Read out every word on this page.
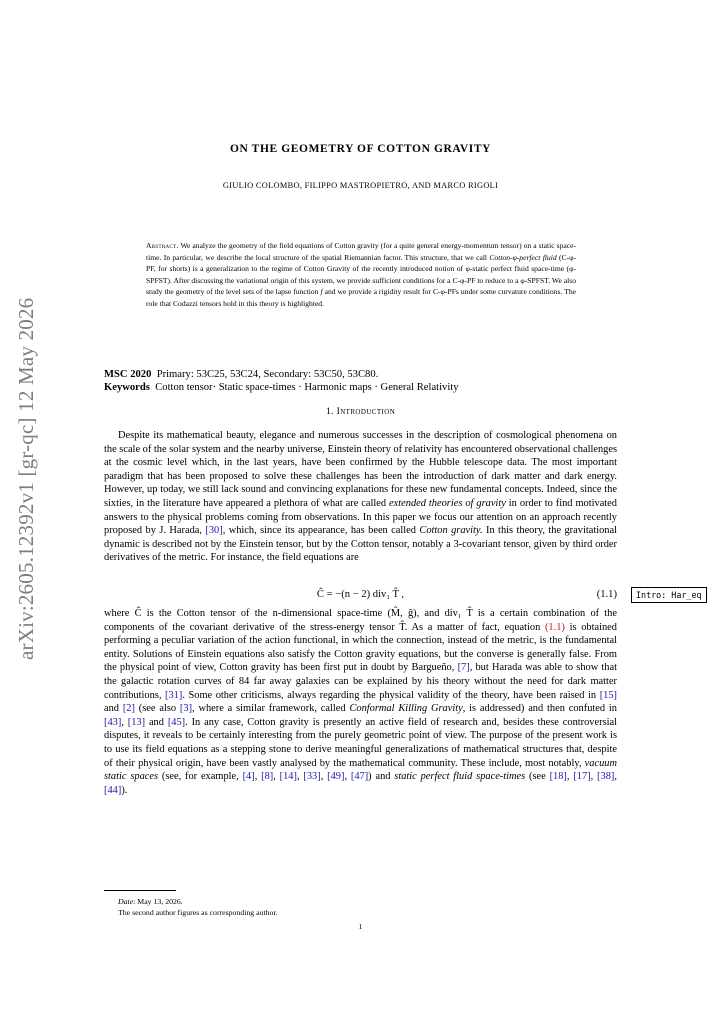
arXiv:2605.12392v1 [gr-qc] 12 May 2026
ON THE GEOMETRY OF COTTON GRAVITY
GIULIO COLOMBO, FILIPPO MASTROPIETRO, AND MARCO RIGOLI
Abstract. We analyze the geometry of the field equations of Cotton gravity (for a quite general energy-momentum tensor) on a static space-time. In particular, we describe the local structure of the spatial Riemannian factor. This structure, that we call Cotton-φ-perfect fluid (C-φ-PF, for shorts) is a generalization to the regime of Cotton Gravity of the recently introduced notion of φ-static perfect fluid space-time (φ-SPFST). After discussing the variational origin of this system, we provide sufficient conditions for a C-φ-PF to reduce to a φ-SPFST. We also study the geometry of the level sets of the lapse function f and we provide a rigidity result for C-φ-PFs under some curvature conditions. The role that Codazzi tensors hold in this theory is highlighted.
MSC 2020 Primary: 53C25, 53C24, Secondary: 53C50, 53C80.
Keywords Cotton tensor· Static space-times · Harmonic maps · General Relativity
1. Introduction
Despite its mathematical beauty, elegance and numerous successes in the description of cosmological phenomena on the scale of the solar system and the nearby universe, Einstein theory of relativity has encountered observational challenges at the cosmic level which, in the last years, have been confirmed by the Hubble telescope data. The most important paradigm that has been proposed to solve these challenges has been the introduction of dark matter and dark energy. However, up today, we still lack sound and convincing explanations for these new fundamental concepts. Indeed, since the sixties, in the literature have appeared a plethora of what are called extended theories of gravity in order to find motivated answers to the physical problems coming from observations. In this paper we focus our attention on an approach recently proposed by J. Harada, [30], which, since its appearance, has been called Cotton gravity. In this theory, the gravitational dynamic is described not by the Einstein tensor, but by the Cotton tensor, notably a 3-covariant tensor, given by third order derivatives of the metric. For instance, the field equations are
Ĉ = −(n − 2) div₁ T̂ ,	(1.1)	Intro: Har_eq
where Ĉ is the Cotton tensor of the n-dimensional space-time (M̂, ĝ), and div₁ T̂ is a certain combination of the components of the covariant derivative of the stress-energy tensor T̂. As a matter of fact, equation (1.1) is obtained performing a peculiar variation of the action functional, in which the connection, instead of the metric, is the fundamental entity. Solutions of Einstein equations also satisfy the Cotton gravity equations, but the converse is generally false. From the physical point of view, Cotton gravity has been first put in doubt by Bargueño, [7], but Harada was able to show that the galactic rotation curves of 84 far away galaxies can be explained by his theory without the need for dark matter contributions, [31]. Some other criticisms, always regarding the physical validity of the theory, have been raised in [15] and [2] (see also [3], where a similar framework, called Conformal Killing Gravity, is addressed) and then confuted in [43], [13] and [45]. In any case, Cotton gravity is presently an active field of research and, besides these controversial disputes, it reveals to be certainly interesting from the purely geometric point of view. The purpose of the present work is to use its field equations as a stepping stone to derive meaningful generalizations of mathematical structures that, despite of their physical origin, have been vastly analysed by the mathematical community. These include, most notably, vacuum static spaces (see, for example, [4], [8], [14], [33], [49], [47]) and static perfect fluid space-times (see [18], [17], [38], [44]).
Date: May 13, 2026.
The second author figures as corresponding author.
1
